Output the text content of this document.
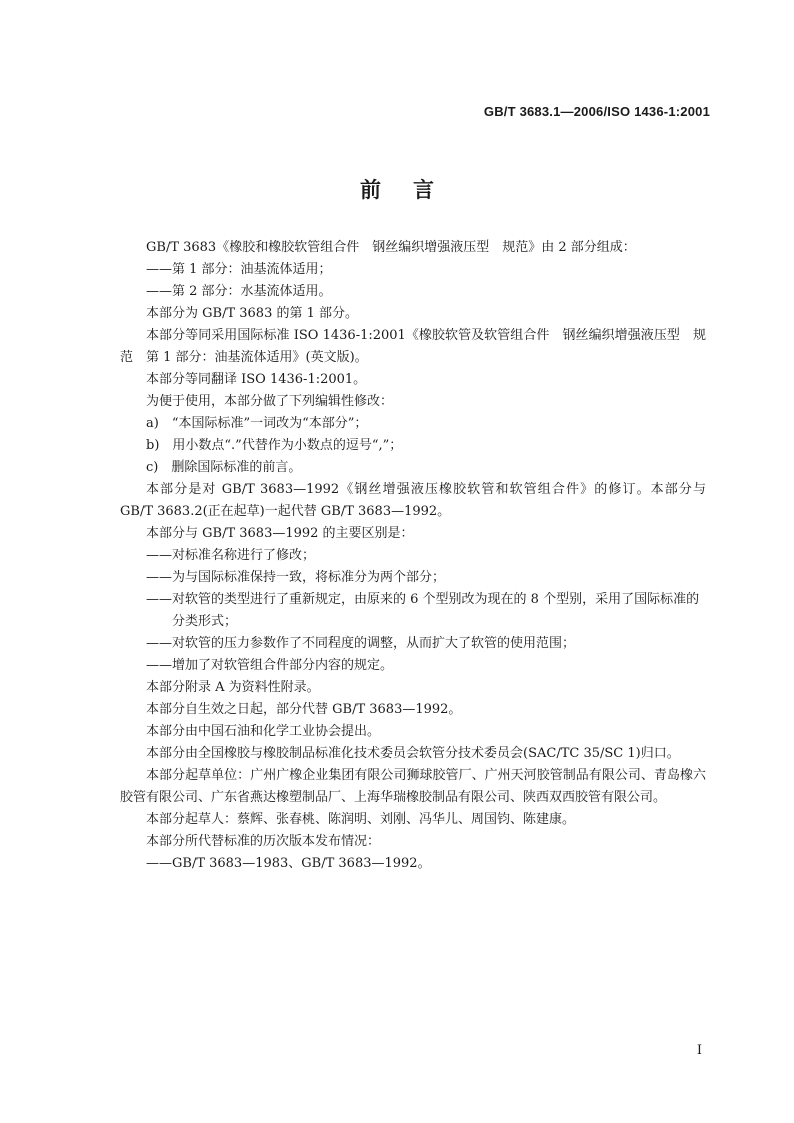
GB/T 3683.1—2006/ISO 1436-1:2001
前言
GB/T 3683《橡胶和橡胶软管组合件　钢丝编织增强液压型　规范》由 2 部分组成：
——第 1 部分：油基流体适用；
——第 2 部分：水基流体适用。
本部分为 GB/T 3683 的第 1 部分。
本部分等同采用国际标准 ISO 1436-1:2001《橡胶软管及软管组合件　钢丝编织增强液压型　规范　第 1 部分：油基流体适用》(英文版)。
本部分等同翻译 ISO 1436-1:2001。
为便于使用，本部分做了下列编辑性修改：
a)　“本国际标准”一词改为“本部分”；
b)　用小数点“.”代替作为小数点的逗号“,”；
c)　删除国际标准的前言。
本部分是对 GB/T 3683—1992《钢丝增强液压橡胶软管和软管组合件》的修订。本部分与 GB/T 3683.2(正在起草)一起代替 GB/T 3683—1992。
本部分与 GB/T 3683—1992 的主要区别是：
——对标准名称进行了修改；
——为与国际标准保持一致，将标准分为两个部分；
——对软管的类型进行了重新规定，由原来的 6 个型别改为现在的 8 个型别，采用了国际标准的分类形式；
——对软管的压力参数作了不同程度的调整，从而扩大了软管的使用范围；
——增加了对软管组合件部分内容的规定。
本部分附录 A 为资料性附录。
本部分自生效之日起，部分代替 GB/T 3683—1992。
本部分由中国石油和化学工业协会提出。
本部分由全国橡胶与橡胶制品标准化技术委员会软管分技术委员会(SAC/TC 35/SC 1)归口。
本部分起草单位：广州广橡企业集团有限公司狮球胶管厂、广州天河胶管制品有限公司、青岛橡六胶管有限公司、广东省燕达橡塑制品厂、上海华瑞橡胶制品有限公司、陕西双西胶管有限公司。
本部分起草人：蔡辉、张春桃、陈润明、刘刚、冯华儿、周国钧、陈建康。
本部分所代替标准的历次版本发布情况：
——GB/T 3683—1983、GB/T 3683—1992。
I
